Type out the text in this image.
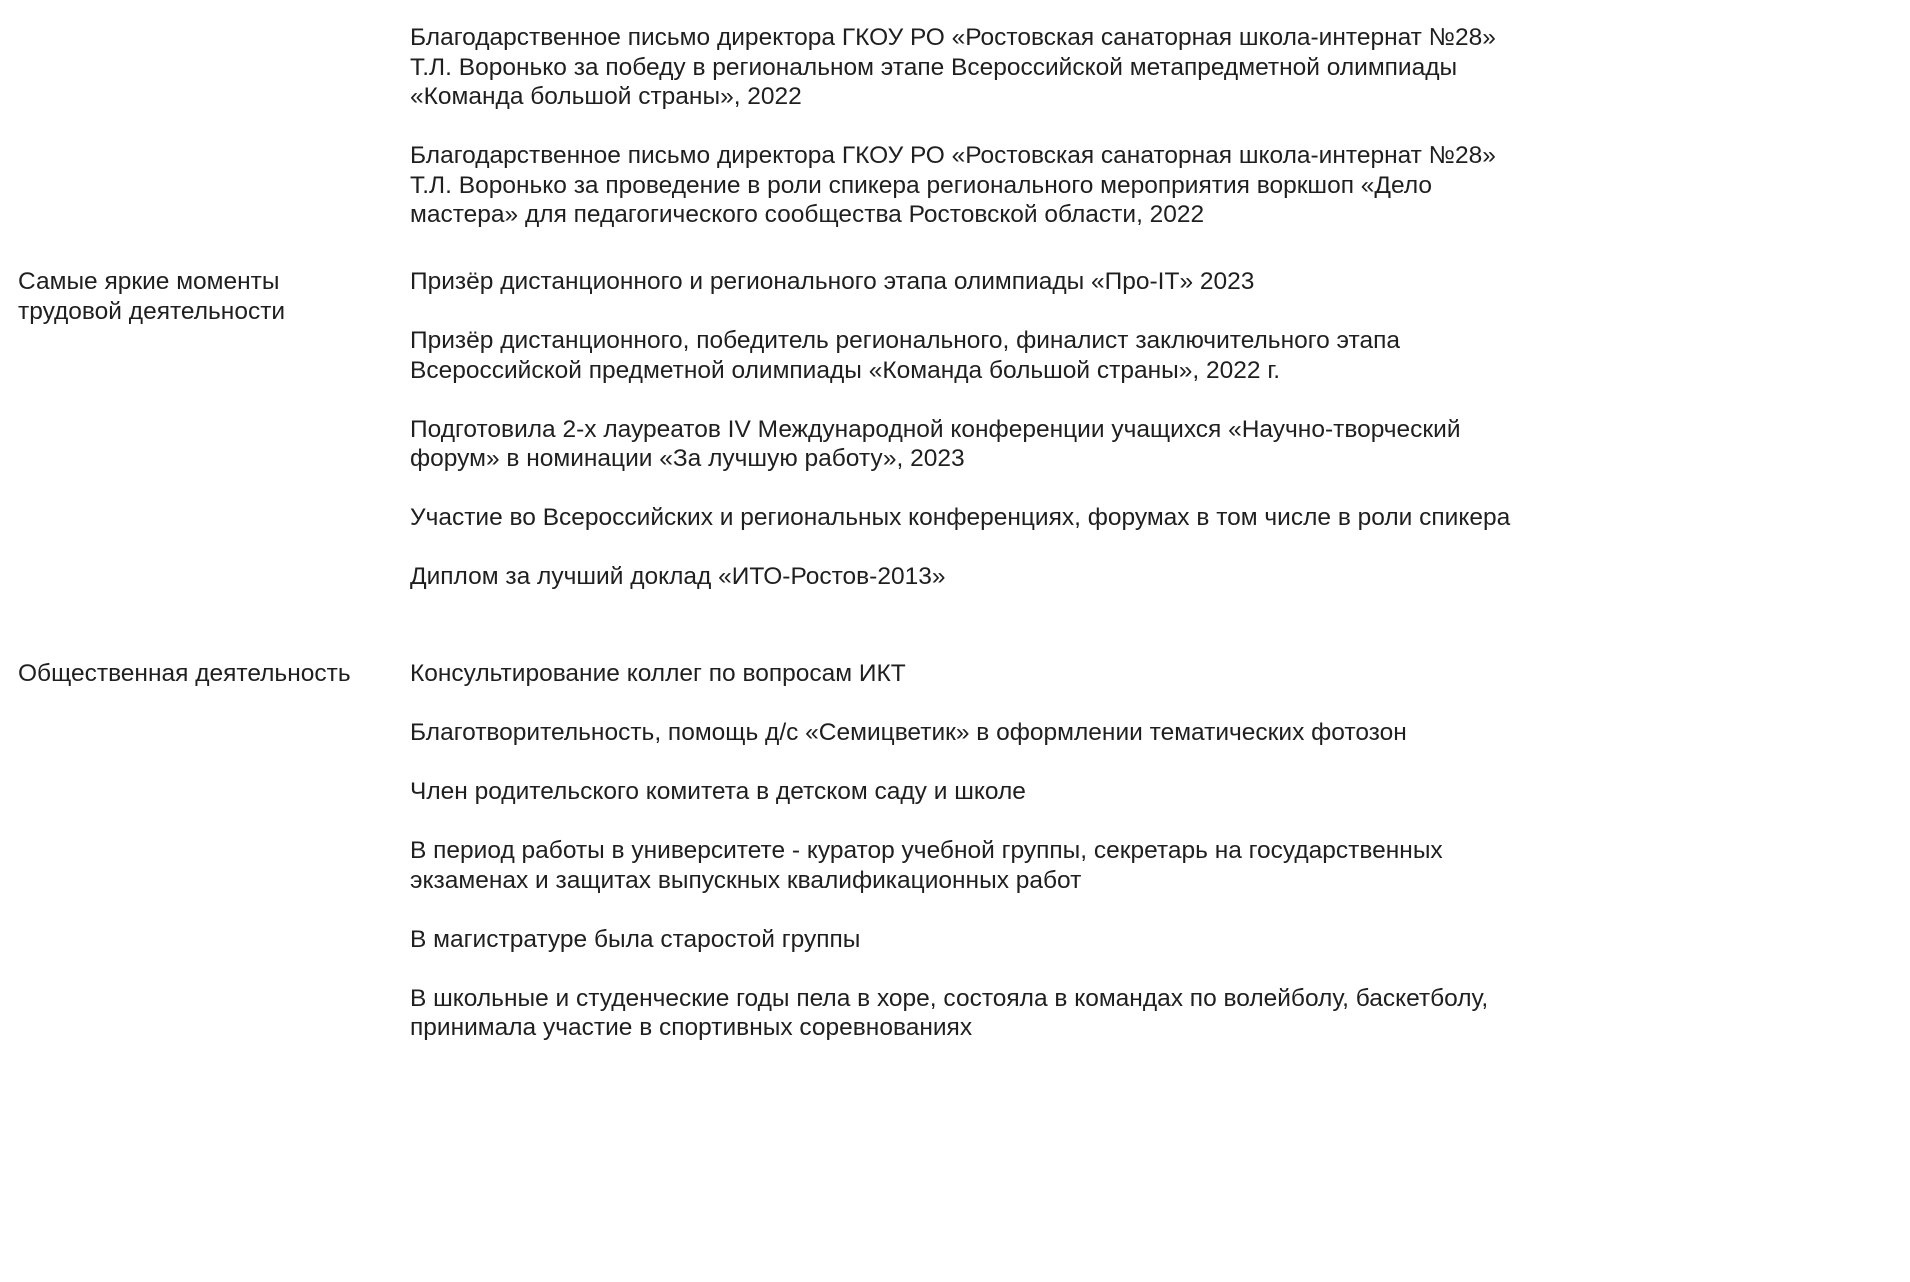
Благодарственное письмо директора ГКОУ РО «Ростовская санаторная школа-интернат №28» Т.Л. Воронько за победу в региональном этапе Всероссийской метапредметной олимпиады «Команда большой страны», 2022

Благодарственное письмо директора ГКОУ РО «Ростовская санаторная школа-интернат №28» Т.Л. Воронько за проведение в роли спикера регионального мероприятия воркшоп «Дело мастера» для педагогического сообщества Ростовской области, 2022

Самые яркие моменты трудовой деятельности

Призёр дистанционного и регионального этапа олимпиады «Про-IT» 2023

Призёр дистанционного, победитель регионального, финалист заключительного этапа Всероссийской предметной олимпиады «Команда большой страны», 2022 г.

Подготовила 2-х лауреатов IV Международной конференции учащихся «Научно-творческий форум» в номинации «За лучшую работу», 2023

Участие во Всероссийских и региональных конференциях, форумах в том числе в роли спикера

Диплом за лучший доклад «ИТО-Ростов-2013»

Общественная деятельность	Консультирование коллег по вопросам ИКТ

Благотворительность, помощь д/с «Семицветик» в оформлении тематических фотозон

Член родительского комитета в детском саду и школе

В период работы в университете - куратор учебной группы, секретарь на государственных экзаменах и защитах выпускных квалификационных работ

В магистратуре была старостой группы

В школьные и студенческие годы пела в хоре, состояла в командах по волейболу, баскетболу, принимала участие в спортивных соревнованиях
